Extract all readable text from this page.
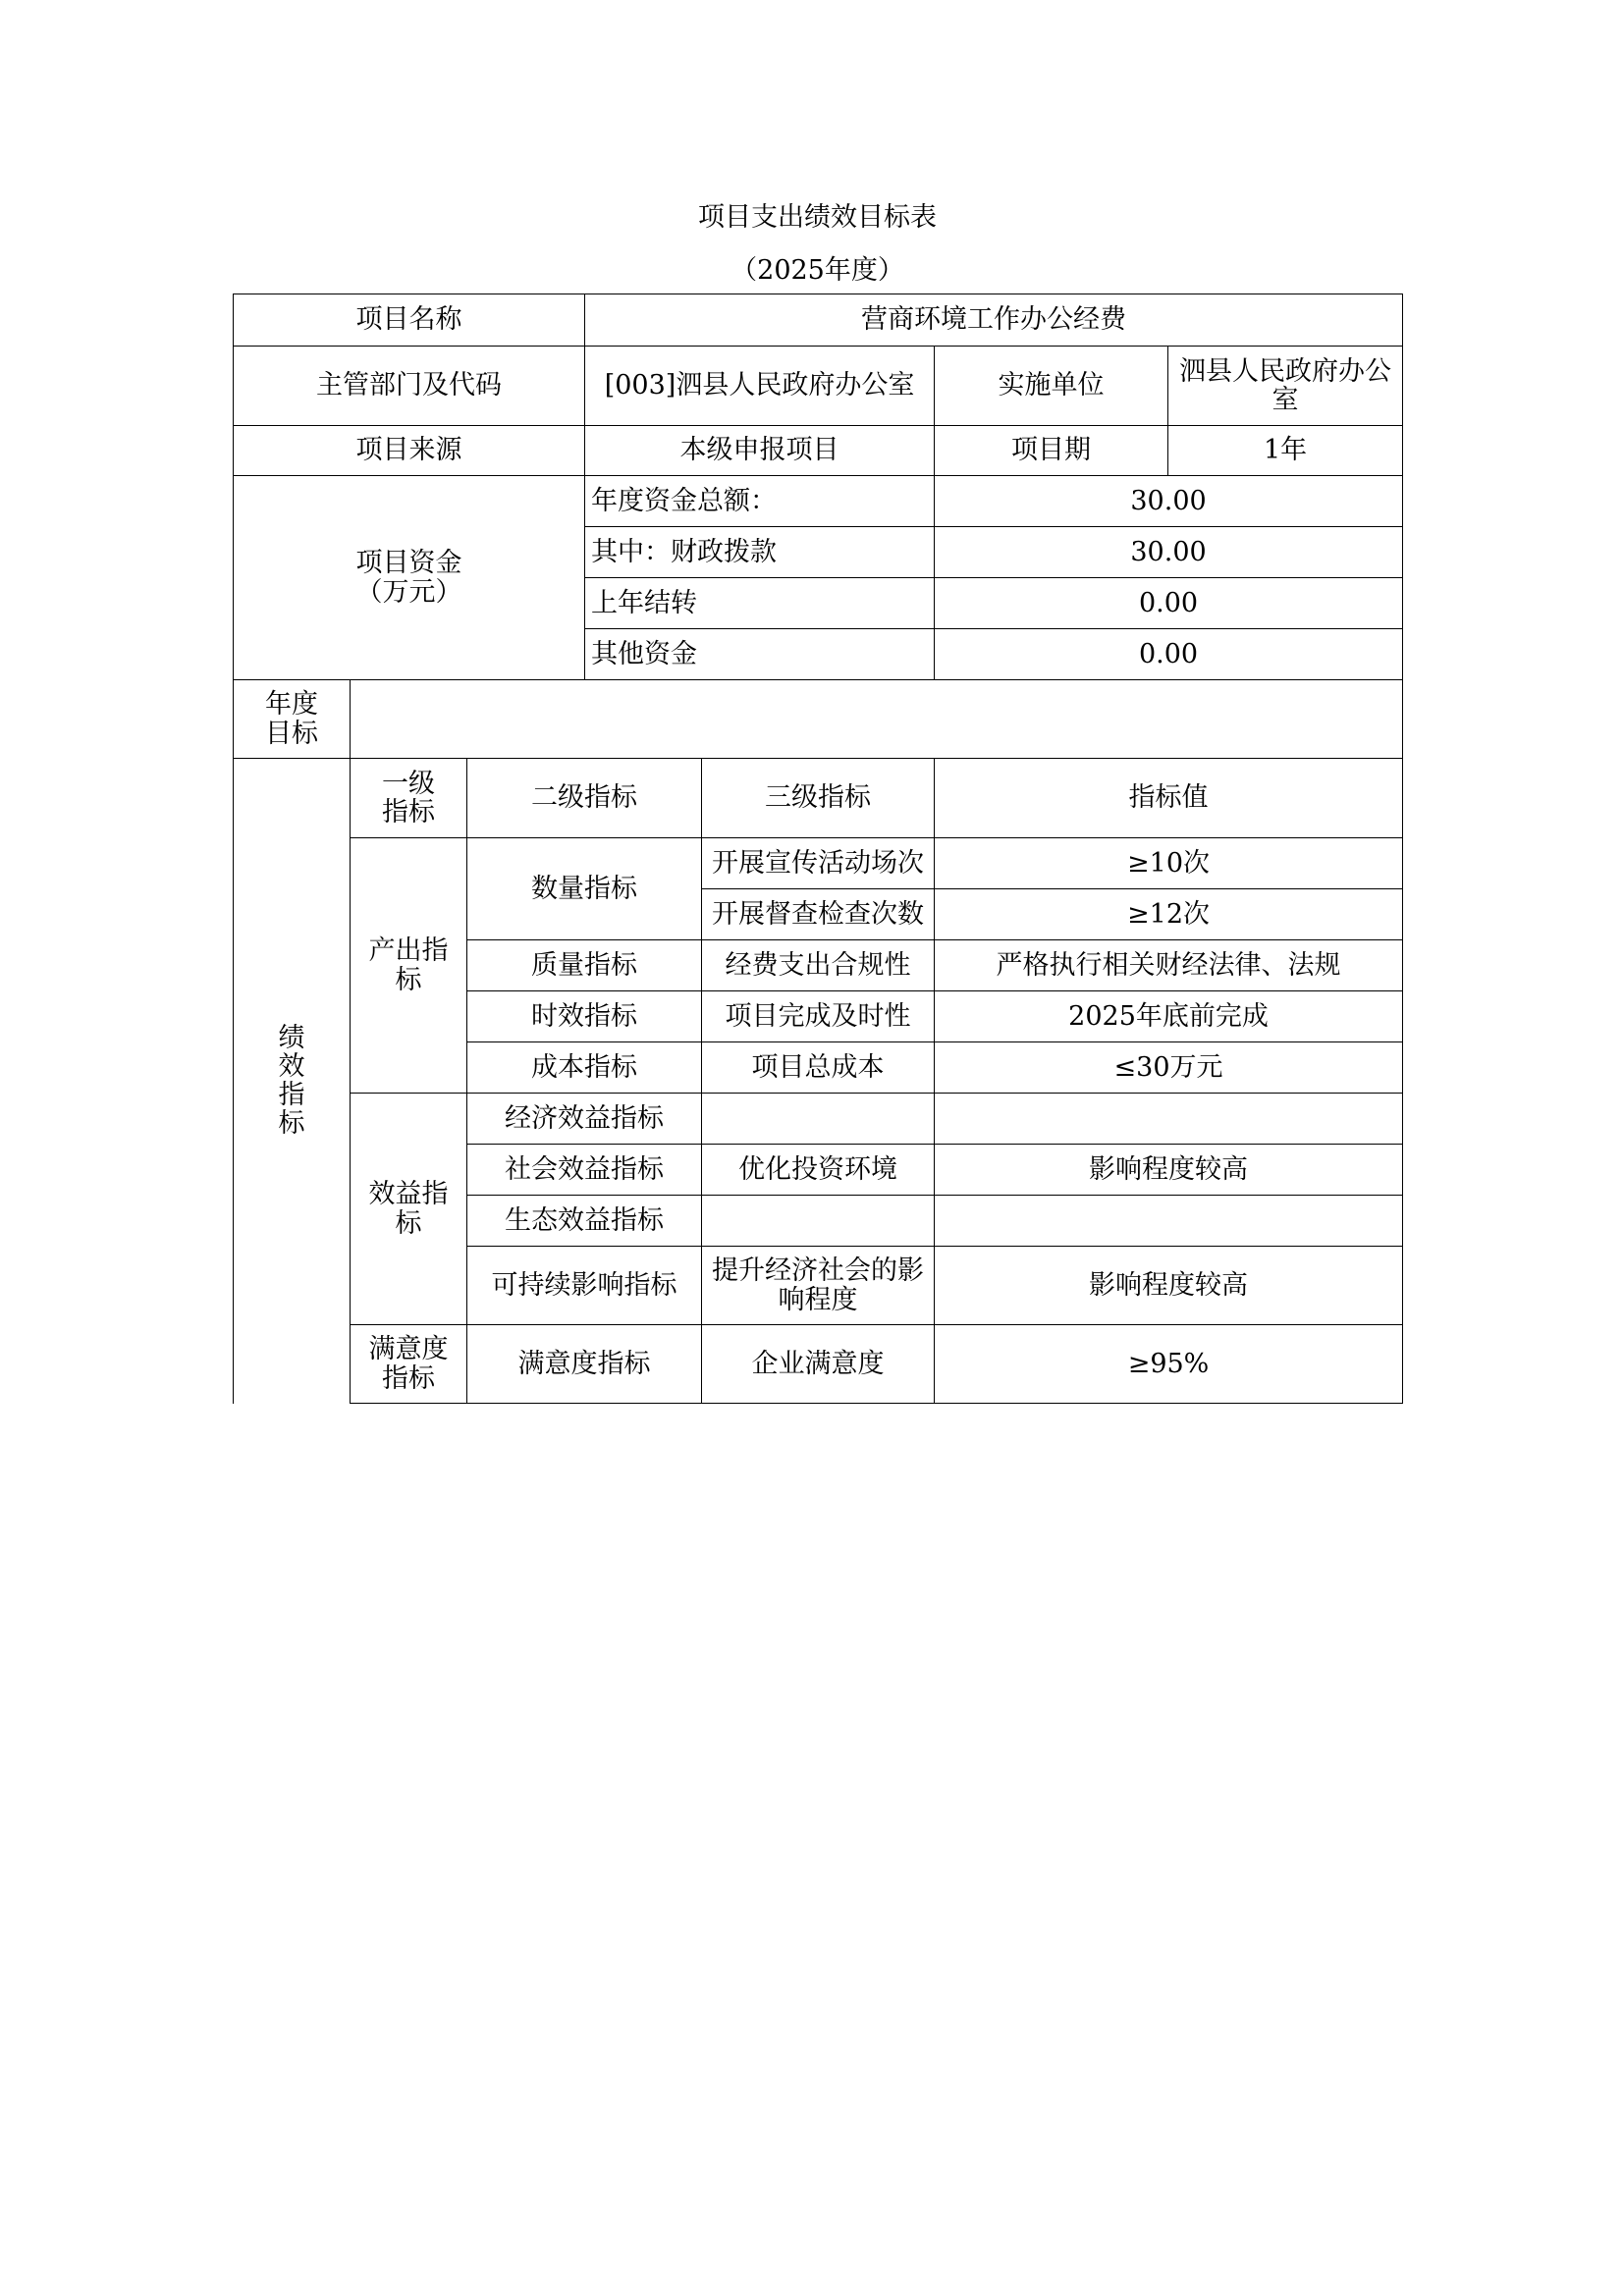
项目支出绩效目标表
（2025年度）
项目名称			营商环境工作办公经费			
主管部门及代码			[003]泗县人民政府办公室		实施单位	泗县人民政府办公室
项目来源			本级申报项目		项目期	1年

项目资金
（万元）			年度资金总额：		30.00	
			其中：财政拨款		30.00	
			上年结转		0.00	
			其他资金		0.00	
年度目标						
绩效指标	一级指标	二级指标		三级指标	指标值	
	产出指标	数量指标		开展宣传活动场次	≥10次	
				开展督查检查次数	≥12次	
		质量指标		经费支出合规性	严格执行相关财经法律、法规	
		时效指标		项目完成及时性	2025年底前完成	
		成本指标		项目总成本	≤30万元	
	效益指标	经济效益指标				
		社会效益指标		优化投资环境	影响程度较高	
		生态效益指标				
		可持续影响指标		提升经济社会的影响程度	影响程度较高	
	满意度指标	满意度指标		企业满意度	≥95%	
